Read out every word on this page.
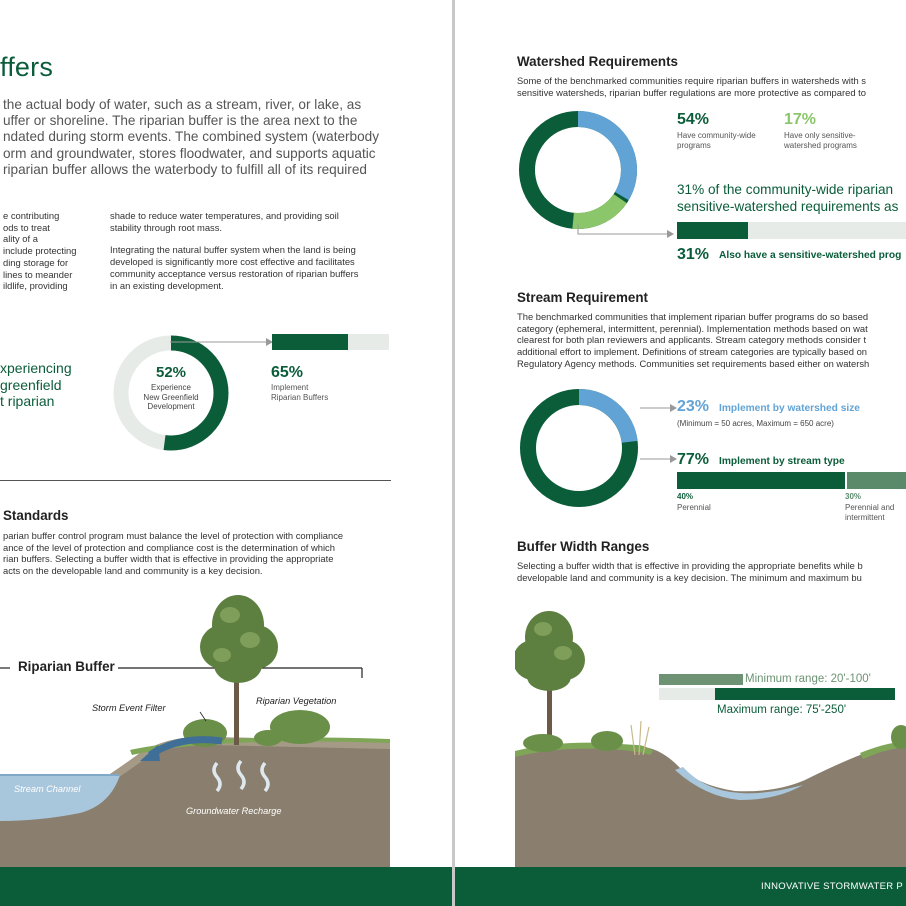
ffers
the actual body of water, such as a stream, river, or lake, as
uffer or shoreline. The riparian buffer is the area next to the
ndated during storm events. The combined system (waterbody
orm and groundwater, stores floodwater, and supports aquatic
riparian buffer allows the waterbody to fulfill all of its required
e contributing
ods to treat
ality of a
include protecting
ding storage for
lines to meander
ildlife, providing
shade to reduce water temperatures, and providing soil
stability through root mass.
Integrating the natural buffer system when the land is being
developed is significantly more cost effective and facilitates
community acceptance versus restoration of riparian buffers
in an existing development.
xperiencing
greenfield
t riparian
52%
Experience
New Greenfield
Development
65%
Implement
Riparian Buffers
Standards
parian buffer control program must balance the level of protection with compliance
ance of the level of protection and compliance cost is the determination of which
rian buffers. Selecting a buffer width that is effective in providing the appropriate
acts on the developable land and community is a key decision.
Riparian Buffer
Storm Event Filter
Riparian Vegetation
Stream Channel
Groundwater Recharge
Watershed Requirements
Some of the benchmarked communities require riparian buffers in watersheds with s
sensitive watersheds, riparian buffer regulations are more protective as compared to
54%
Have community-wide
programs
17%
Have only sensitive-
watershed programs
31% of the community-wide riparian
sensitive-watershed requirements as
31% Also have a sensitive-watershed prog
Stream Requirement
The benchmarked communities that implement riparian buffer programs do so based
category (ephemeral, intermittent, perennial). Implementation methods based on wat
clearest for both plan reviewers and applicants. Stream category methods consider t
additional effort to implement. Definitions of stream categories are typically based on
Regulatory Agency methods. Communities set requirements based either on watersh
23% Implement by watershed size
(Minimum = 50 acres, Maximum = 650 acre)
77% Implement by stream type
40%
Perennial
30%
Perennial and
intermittent
Buffer Width Ranges
Selecting a buffer width that is effective in providing the appropriate benefits while b
developable land and community is a key decision. The minimum and maximum bu
Minimum range: 20'-100'
Maximum range: 75'-250'
INNOVATIVE STORMWATER P
